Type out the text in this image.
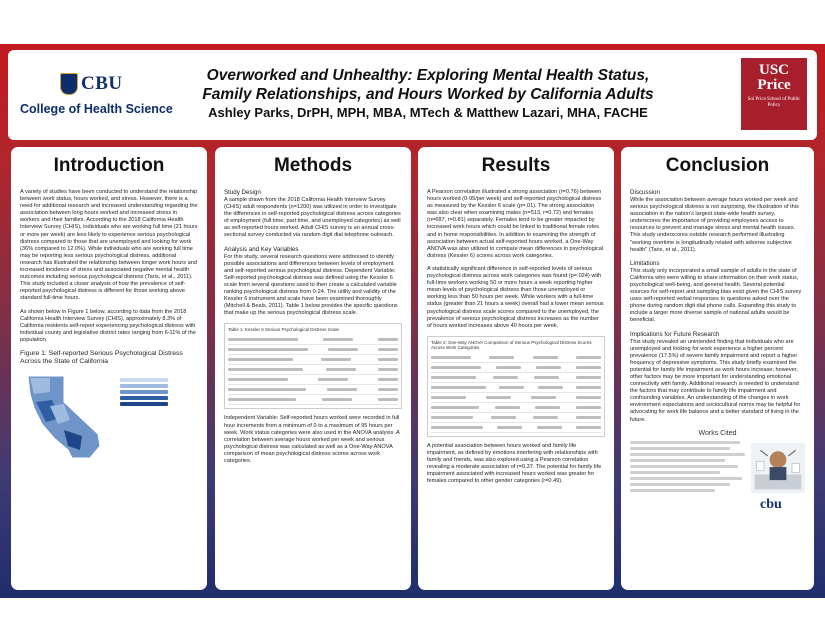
CBU
College of Health Science
Overworked and Unhealthy: Exploring Mental Health Status,
Family Relationships, and Hours Worked by California Adults
Ashley Parks, DrPH, MPH, MBA, MTech & Matthew Lazari, MHA, FACHE
USC
Price
Sol Price School of Public Policy
Introduction
A variety of studies have been conducted to understand the relationship between work status, hours worked, and stress. However, there is a need for additional research and increased understanding regarding the association between long hours worked and increased stress in workers and their families. According to the 2018 California Health Interview Survey (CHIS), individuals who are working full time (21 hours or more per week) are less likely to experience serious psychological distress compared to those that are unemployed and looking for work (36% compared to 12.0%). While individuals who are working full time may be reporting less serious psychological distress, additional research has illustrated the relationship between longer work hours and increased incidence of stress and associated negative mental health outcomes including serious psychological distress (Taris, et al., 2011). This study included a closer analysis of how the prevalence of self-reported psychological distress is different for those working above standard full-time hours.
As shown below in Figure 1 below, according to data from the 2018 California Health Interview Survey (CHIS), approximately 8.3% of California residents self-report experiencing psychological distress with individual county and legislative district rates ranging from 6-11% of the population.
Figure 1: Self-reported Serious Psychological Distress Across the State of California
Methods
Study Design
A sample drawn from the 2018 California Health Interview Survey (CHIS) adult respondents (n=1200) was utilized in order to investigate the differences in self-reported psychological distress across categories of employment (full time, part time, and unemployed categories) as well as self-reported hours worked. Adult CHIS survey is an annual cross-sectional survey conducted via random digit dial telephone outreach.
Analysis and Key Variables
For this study, several research questions were addressed to identify possible associations and differences between levels of employment and self-reported serious psychological distress. Dependent Variable: Self-reported psychological distress was defined using the Kessler 6 scale from several questions used to then create a calculated variable ranking psychological distress from 0-24. The utility and validity of the Kessler 6 instrument and scale have been examined thoroughly (Mitchell & Beals, 2011). Table 1 below provides the specific questions that make up the serious psychological distress scale.
Table 1: Kessler 6 Serious Psychological Distress Scale
Independent Variable: Self-reported hours worked were recorded in full hour increments from a minimum of 0 to a maximum of 95 hours per week. Work status categories were also used in the ANOVA analysis. A correlation between average hours worked per week and serious psychological distress was calculated as well as a One-Way ANOVA comparison of mean psychological distress scores across work categories.
Results
A Pearson correlation illustrated a strong association (r=0.76) between hours worked (0-95/per week) and self-reported psychological distress as measured by the Kessler 6 scale (p=.01). The strong association was also clear when examining males (n=513, r=0.72) and females (n=687, r=0.81) separately. Females tend to be greater impacted by increased work hours which could be linked to traditional female roles and in home responsibilities. In addition to examining the strength of association between actual self-reported hours worked, a One-Way ANOVA was also utilized to compare mean differences in psychological distress (Kessler 6) scores across work categories.
A statistically significant difference in self-reported levels of serious psychological distress across work categories was found (p=.024) with full-time workers working 50 or more hours a week reporting higher mean levels of psychological distress than those unemployed or working less than 50 hours per week. While workers with a full-time status (greater than 21 hours a week) overall had a lower mean serious psychological distress scale scores compared to the unemployed, the prevalence of serious psychological distress increases as the number of hours worked increases above 40 hours per week.
Table 2: One-Way ANOVA Comparison of Serious Psychological Distress Scores Across Work Categories
A potential association between hours worked and family life impairment, as defined by emotions interfering with relationships with family and friends, was also explored using a Pearson correlation revealing a moderate association of r=0.37. The potential for family life impairment associated with increased hours worked was greater for females compared to other gender categories (r=0.49).
Conclusion
Discussion
While the association between average hours worked per week and serious psychological distress is not surprising, the illustration of this association in the nation's largest state-wide health survey, underscores the importance of providing employees access to resources to prevent and manage stress and mental health issues. This study underscores outside research performed illustrating "working overtime is longitudinally related with adverse subjective health" (Taris, et al., 2011).
Limitations
This study only incorporated a small sample of adults in the state of California who were willing to share information on their work status, psychological well-being, and general health. Several potential sources for self-report and sampling bias exist given the CHIS survey uses self-reported verbal responses to questions asked over the phone during random digit dial phone calls. Expanding this study to include a larger more diverse sample of national adults would be beneficial.
Implications for Future Research
This study revealed an unintended finding that individuals who are unemployed and looking for work experience a higher percent prevalence (17.5%) of severe family impairment and report a higher frequency of depressive symptoms. This study briefly examined the potential for family life impairment as work hours increase; however, other factors may be more important for understanding emotional connectivity with family. Additional research is needed to understand the factors that may contribute to family life impairment and confounding variables. An understanding of the changes in work environment expectations and sociocultural norms may be helpful for advocating for work life balance and a better standard of living in the future.
Works Cited
cbu
